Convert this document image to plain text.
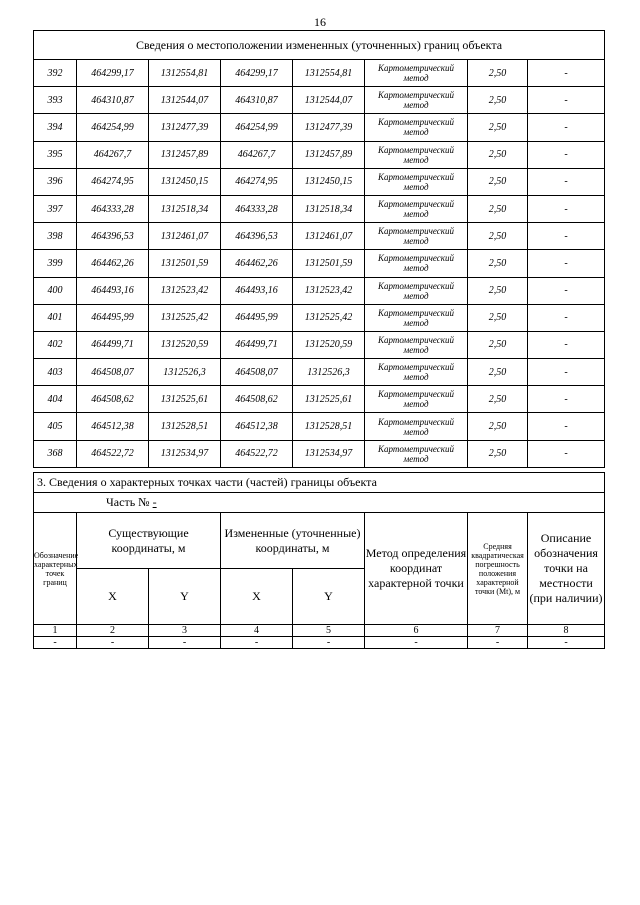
16
Сведения о местоположении измененных (уточненных) границ объекта							
392	464299,17	1312554,81	464299,17	1312554,81	Картометрический метод	2,50	-
393	464310,87	1312544,07	464310,87	1312544,07	Картометрический метод	2,50	-
394	464254,99	1312477,39	464254,99	1312477,39	Картометрический метод	2,50	-
395	464267,7	1312457,89	464267,7	1312457,89	Картометрический метод	2,50	-
396	464274,95	1312450,15	464274,95	1312450,15	Картометрический метод	2,50	-
397	464333,28	1312518,34	464333,28	1312518,34	Картометрический метод	2,50	-
398	464396,53	1312461,07	464396,53	1312461,07	Картометрический метод	2,50	-
399	464462,26	1312501,59	464462,26	1312501,59	Картометрический метод	2,50	-
400	464493,16	1312523,42	464493,16	1312523,42	Картометрический метод	2,50	-
401	464495,99	1312525,42	464495,99	1312525,42	Картометрический метод	2,50	-
402	464499,71	1312520,59	464499,71	1312520,59	Картометрический метод	2,50	-
403	464508,07	1312526,3	464508,07	1312526,3	Картометрический метод	2,50	-
404	464508,62	1312525,61	464508,62	1312525,61	Картометрический метод	2,50	-
405	464512,38	1312528,51	464512,38	1312528,51	Картометрический метод	2,50	-
368	464522,72	1312534,97	464522,72	1312534,97	Картометрический метод	2,50	-
3. Сведения о характерных точках части (частей) границы объекта							
Часть № -							
Обозначение характерных точек границ	Существующие координаты, м		Измененные (уточненные) координаты, м		Метод определения координат характерной точки	Средняя квадратическая погрешность положения характерной точки (Мt), м	Описание обозначения точки на местности (при наличии)
	X	Y	X	Y			
1	2	3	4	5	6	7	8
-	-	-	-	-	-	-	-
